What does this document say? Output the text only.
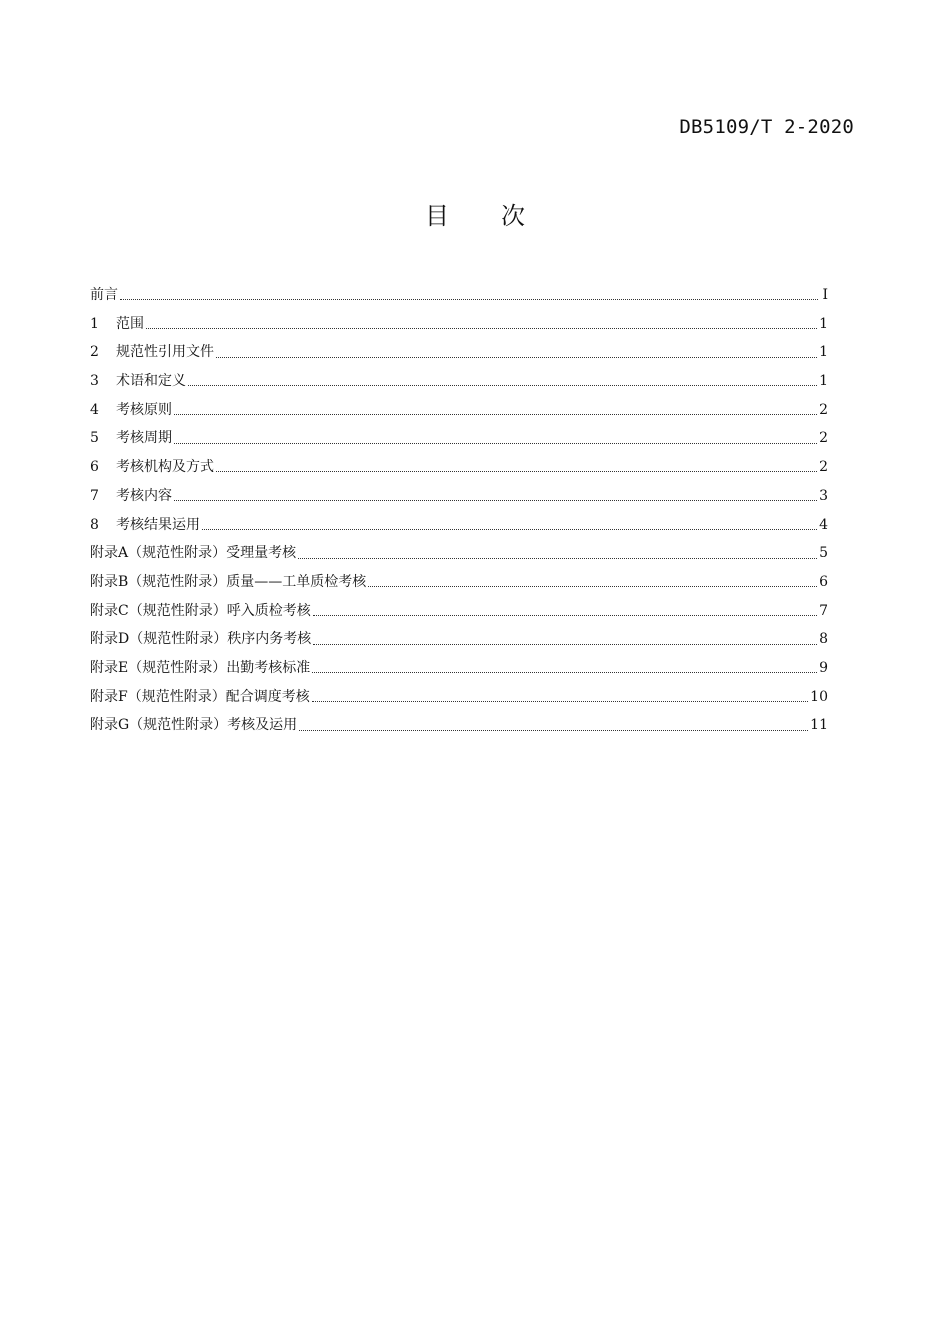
DB5109/T 2-2020
目次
前言	I
1	范围	1
2	规范性引用文件	1
3	术语和定义	1
4	考核原则	2
5	考核周期	2
6	考核机构及方式	2
7	考核内容	3
8	考核结果运用	4
附录A（规范性附录）受理量考核	5
附录B（规范性附录）质量——工单质检考核	6
附录C（规范性附录）呼入质检考核	7
附录D（规范性附录）秩序内务考核	8
附录E（规范性附录）出勤考核标准	9
附录F（规范性附录）配合调度考核	10
附录G（规范性附录）考核及运用	11
